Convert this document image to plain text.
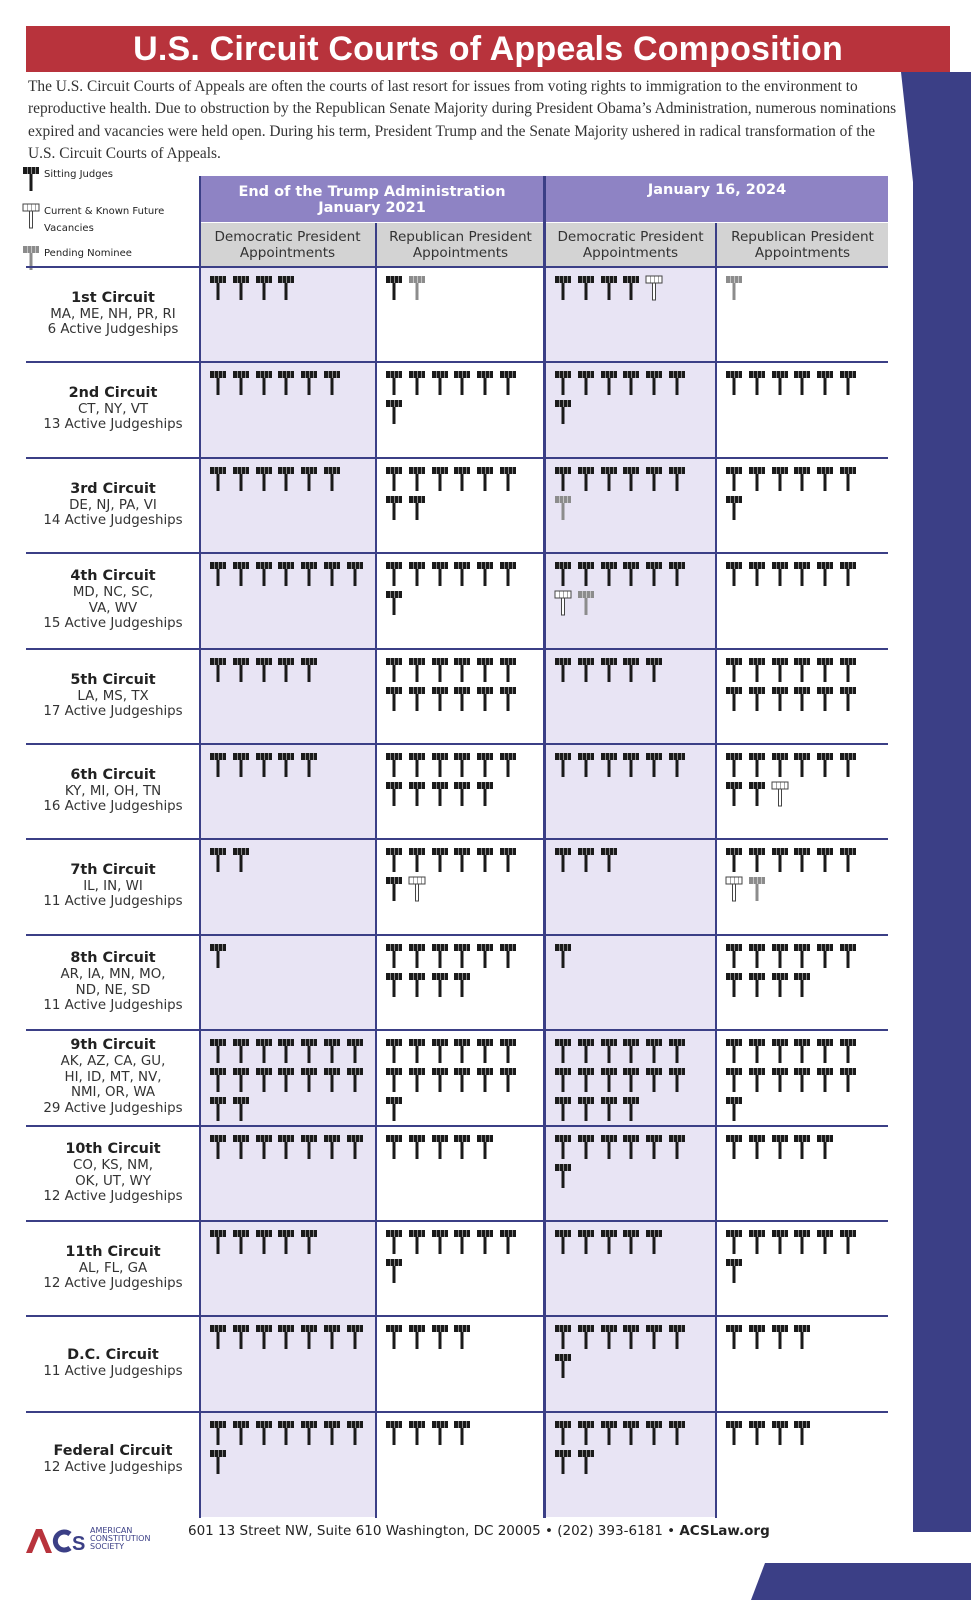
U.S. Circuit Courts of Appeals Composition
The U.S. Circuit Courts of Appeals are often the courts of last resort for issues from voting rights to immigration to the environment to reproductive health. Due to obstruction by the Republican Senate Majority during President Obama’s Administration, numerous nominations expired and vacancies were held open. During his term, President Trump and the Senate Majority ushered in radical transformation of the U.S. Circuit Courts of Appeals.
Sitting Judges
Current & Known Future Vacancies
Pending Nominee
End of the Trump Administration
January 2021
January 16, 2024
Democratic President Appointments
Republican President Appointments
Democratic President Appointments
Republican President Appointments
1st Circuit
MA, ME, NH, PR, RI
6 Active Judgeships
2nd Circuit
CT, NY, VT
13 Active Judgeships
3rd Circuit
DE, NJ, PA, VI
14 Active Judgeships
4th Circuit
MD, NC, SC,
VA, WV
15 Active Judgeships
5th Circuit
LA, MS, TX
17 Active Judgeships
6th Circuit
KY, MI, OH, TN
16 Active Judgeships
7th Circuit
IL, IN, WI
11 Active Judgeships
8th Circuit
AR, IA, MN, MO,
ND, NE, SD
11 Active Judgeships
9th Circuit
AK, AZ, CA, GU,
HI, ID, MT, NV,
NMI, OR, WA
29 Active Judgeships
10th Circuit
CO, KS, NM,
OK, UT, WY
12 Active Judgeships
11th Circuit
AL, FL, GA
12 Active Judgeships
D.C. Circuit
11 Active Judgeships
Federal Circuit
12 Active Judgeships
S
AMERICAN
CONSTITUTION
SOCIETY
601 13 Street NW, Suite 610 Washington, DC 20005 • (202) 393-6181 • ACSLaw.org
